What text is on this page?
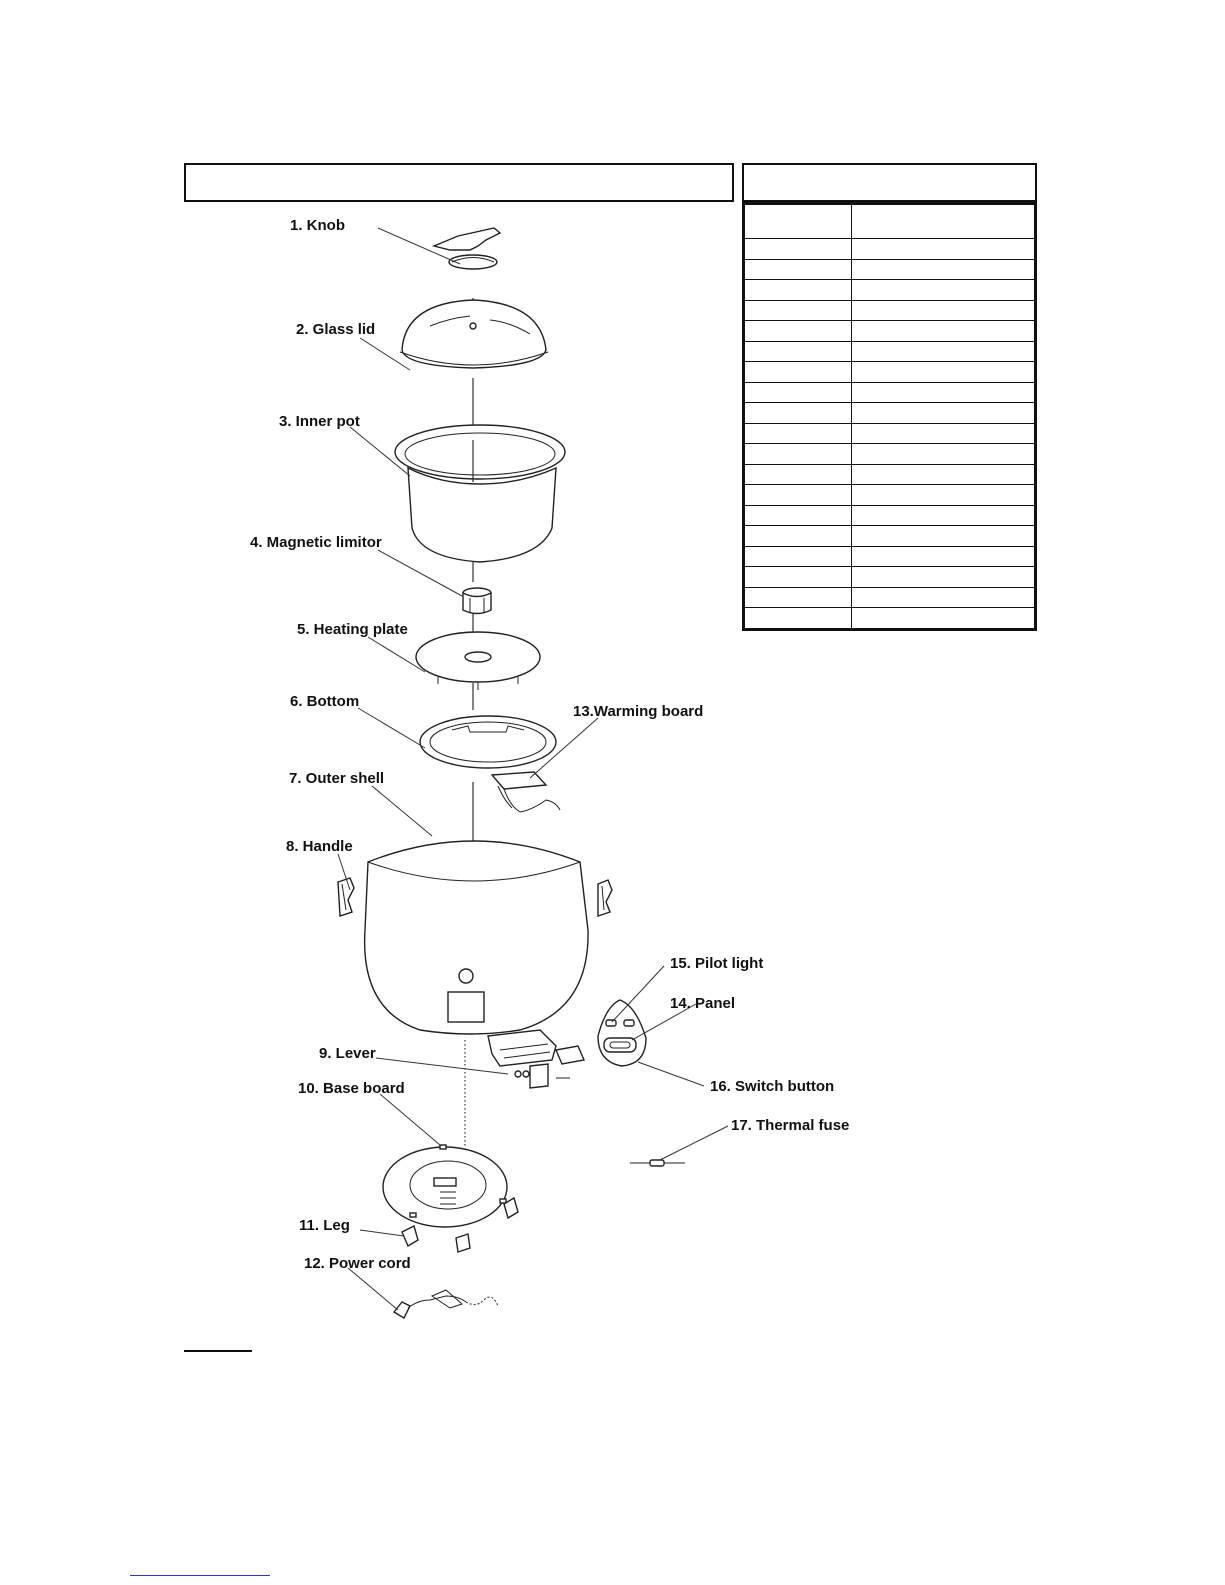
1. Knob
2. Glass lid
3. Inner pot
4. Magnetic limitor
5. Heating plate
6. Bottom
7. Outer shell
8. Handle
9. Lever
10. Base board
11. Leg
12. Power cord
13.Warming board
14. Panel
15. Pilot light
16. Switch button
17. Thermal fuse
